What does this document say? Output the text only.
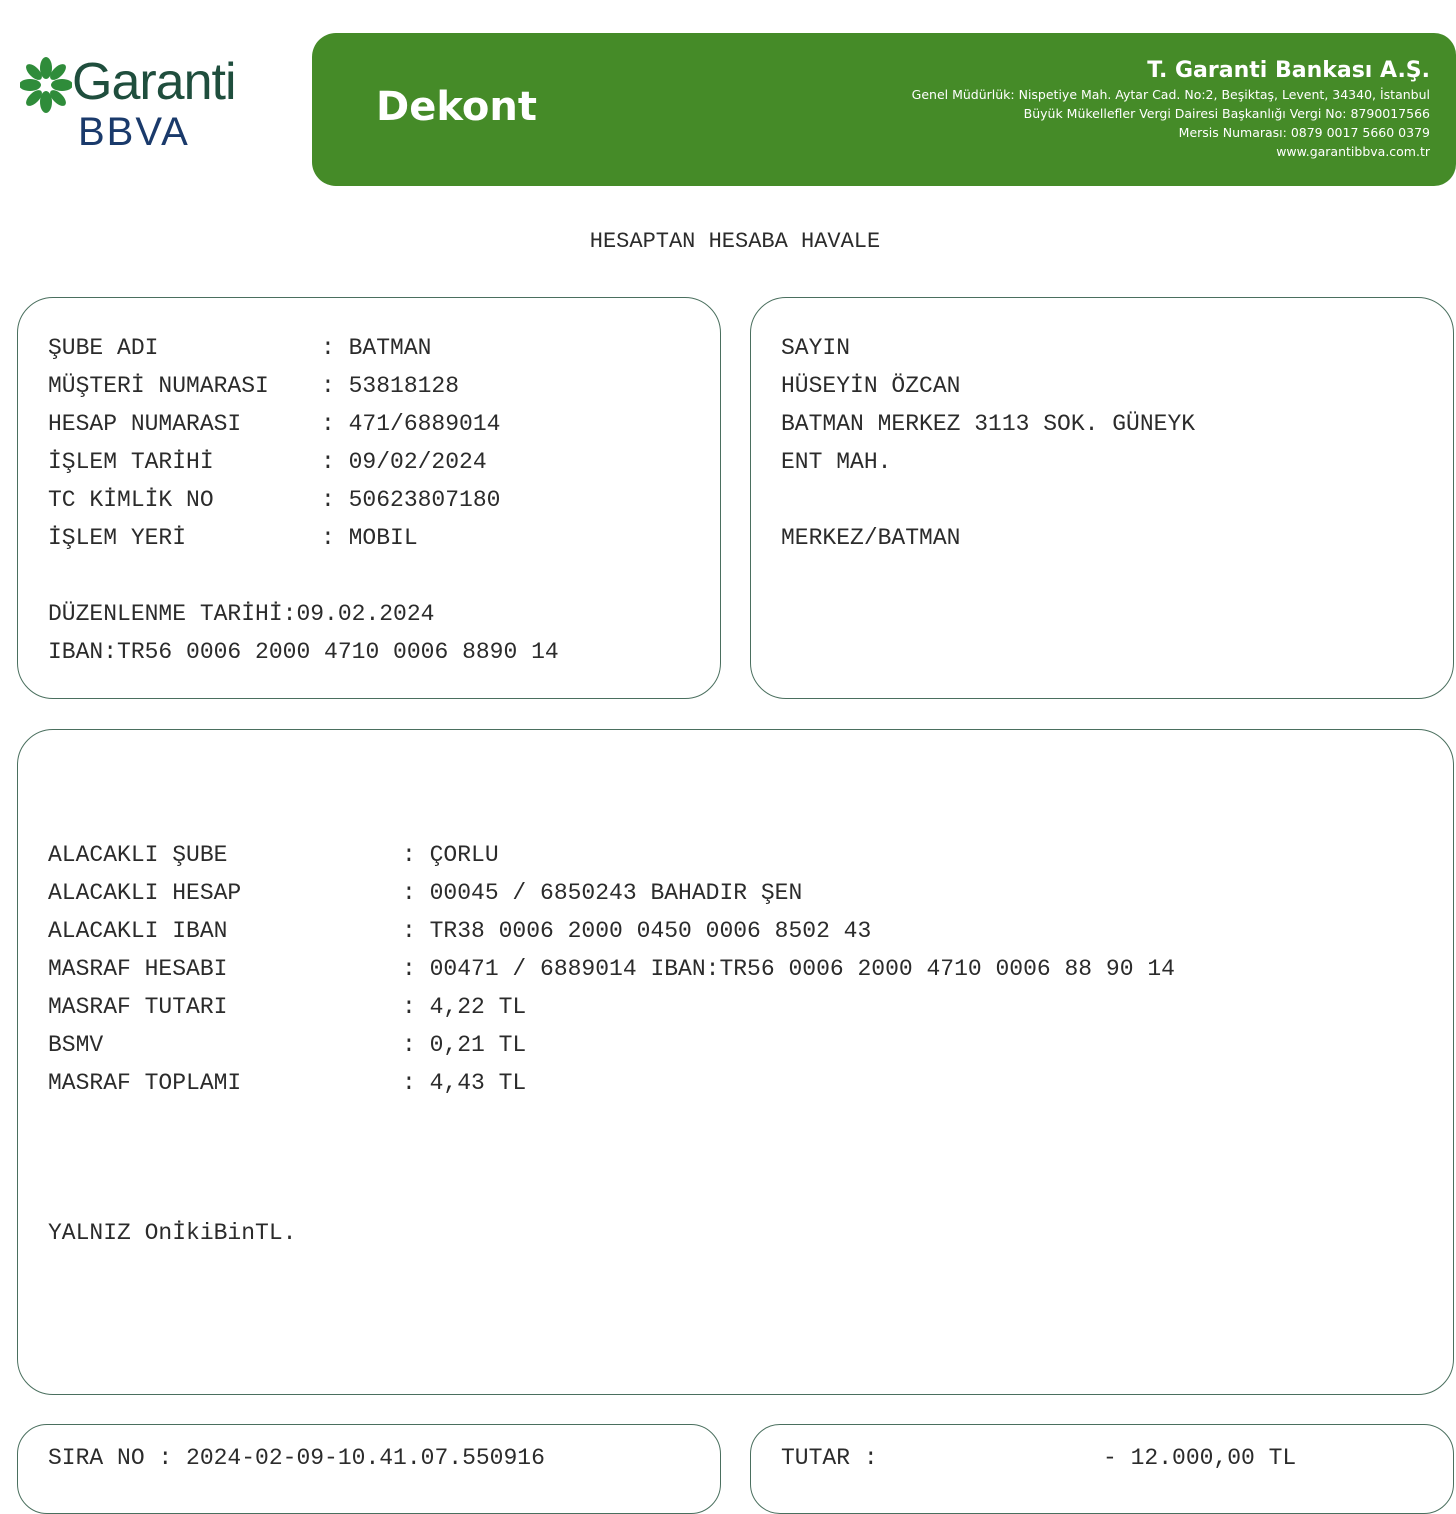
Garanti
BBVA
Dekont
T. Garanti Bankası A.Ş.
Genel Müdürlük: Nispetiye Mah. Aytar Cad. No:2, Beşiktaş, Levent, 34340, İstanbul
Büyük Mükellefler Vergi Dairesi Başkanlığı Vergi No: 8790017566
Mersis Numarası: 0879 0017 5660 0379
www.garantibbva.com.tr
HESAPTAN HESABA HAVALE
ŞUBE ADI	: BATMAN
MÜŞTERİ NUMARASI	: 53818128
HESAP NUMARASI	: 471/6889014
İŞLEM TARİHİ	: 09/02/2024
TC KİMLİK NO	: 50623807180
İŞLEM YERİ	: MOBIL

DÜZENLENME TARİHİ:09.02.2024
IBAN:TR56 0006 2000 4710 0006 8890 14
SAYIN
HÜSEYİN ÖZCAN
BATMAN MERKEZ 3113 SOK. GÜNEYK
ENT MAH.

MERKEZ/BATMAN
ALACAKLI ŞUBE	: ÇORLU
ALACAKLI HESAP	: 00045 / 6850243 BAHADIR ŞEN
ALACAKLI IBAN	: TR38 0006 2000 0450 0006 8502 43
MASRAF HESABI	: 00471 / 6889014 IBAN:TR56 0006 2000 4710 0006 88 90 14
MASRAF TUTARI	: 4,22 TL
BSMV	: 0,21 TL
MASRAF TOPLAMI	: 4,43 TL
YALNIZ OnİkiBinTL.
SIRA NO : 2024-02-09-10.41.07.550916	TUTAR :	- 12.000,00 TL
